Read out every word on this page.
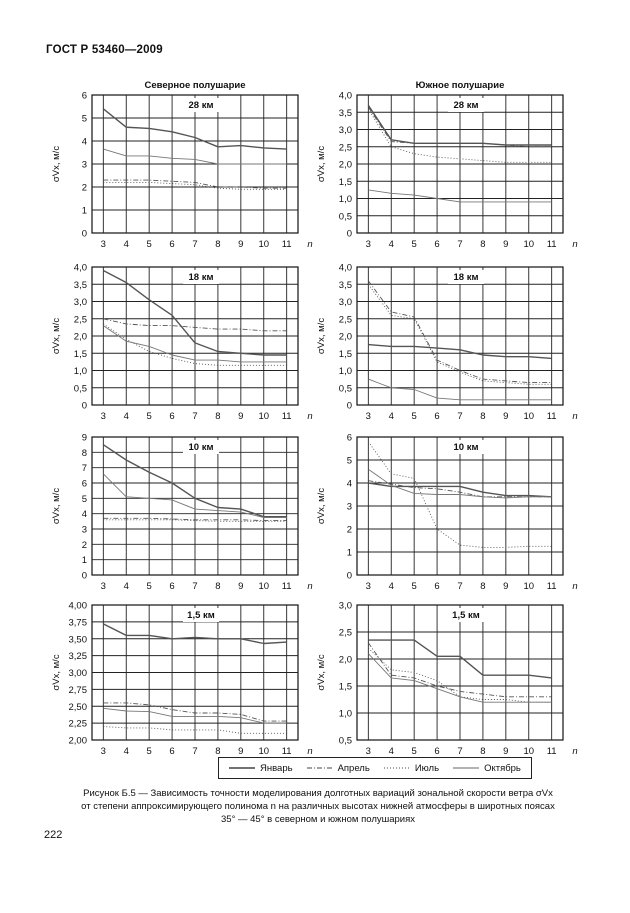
ГОСТ Р 53460—2009
0
1
2
3
4
5
6
3 4 5 6 7 8 9 10 11 n
σVx, м/с
Северное полушарие
28 км
0
0,5
1,0
1,5
2,0
2,5
3,0
3,5
4,0
3 4 5 6 7 8 9 10 11 n
σVx, м/с
Южное полушарие
28 км
0
0,5
1,0
1,5
2,0
2,5
3,0
3,5
4,0
3 4 5 6 7 8 9 10 11 n
σVx, м/с
18 км
0
0,5
1,0
1,5
2,0
2,5
3,0
3,5
4,0
3 4 5 6 7 8 9 10 11 n
σVx, м/с
18 км
0
1
2
3
4
5
6
7
8
9
3 4 5 6 7 8 9 10 11 n
σVx, м/с
10 км
0
1
2
3
4
5
6
3 4 5 6 7 8 9 10 11 n
σVx, м/с
10 км
2,00
2,25
2,50
2,75
3,00
3,25
3,50
3,75
4,00
3 4 5 6 7 8 9 10 11 n
σVx, м/с
1,5 км
0,5
1,0
1,5
2,0
2,5
3,0
3 4 5 6 7 8 9 10 11 n
σVx, м/с
1,5 км
Январь	Апрель	Июль	Октябрь
Рисунок Б.5 — Зависимость точности моделирования долготных вариаций зональной скорости ветра σVx
от степени аппроксимирующего полинома n на различных высотах нижней атмосферы в широтных поясах
35° — 45° в северном и южном полушариях
222
